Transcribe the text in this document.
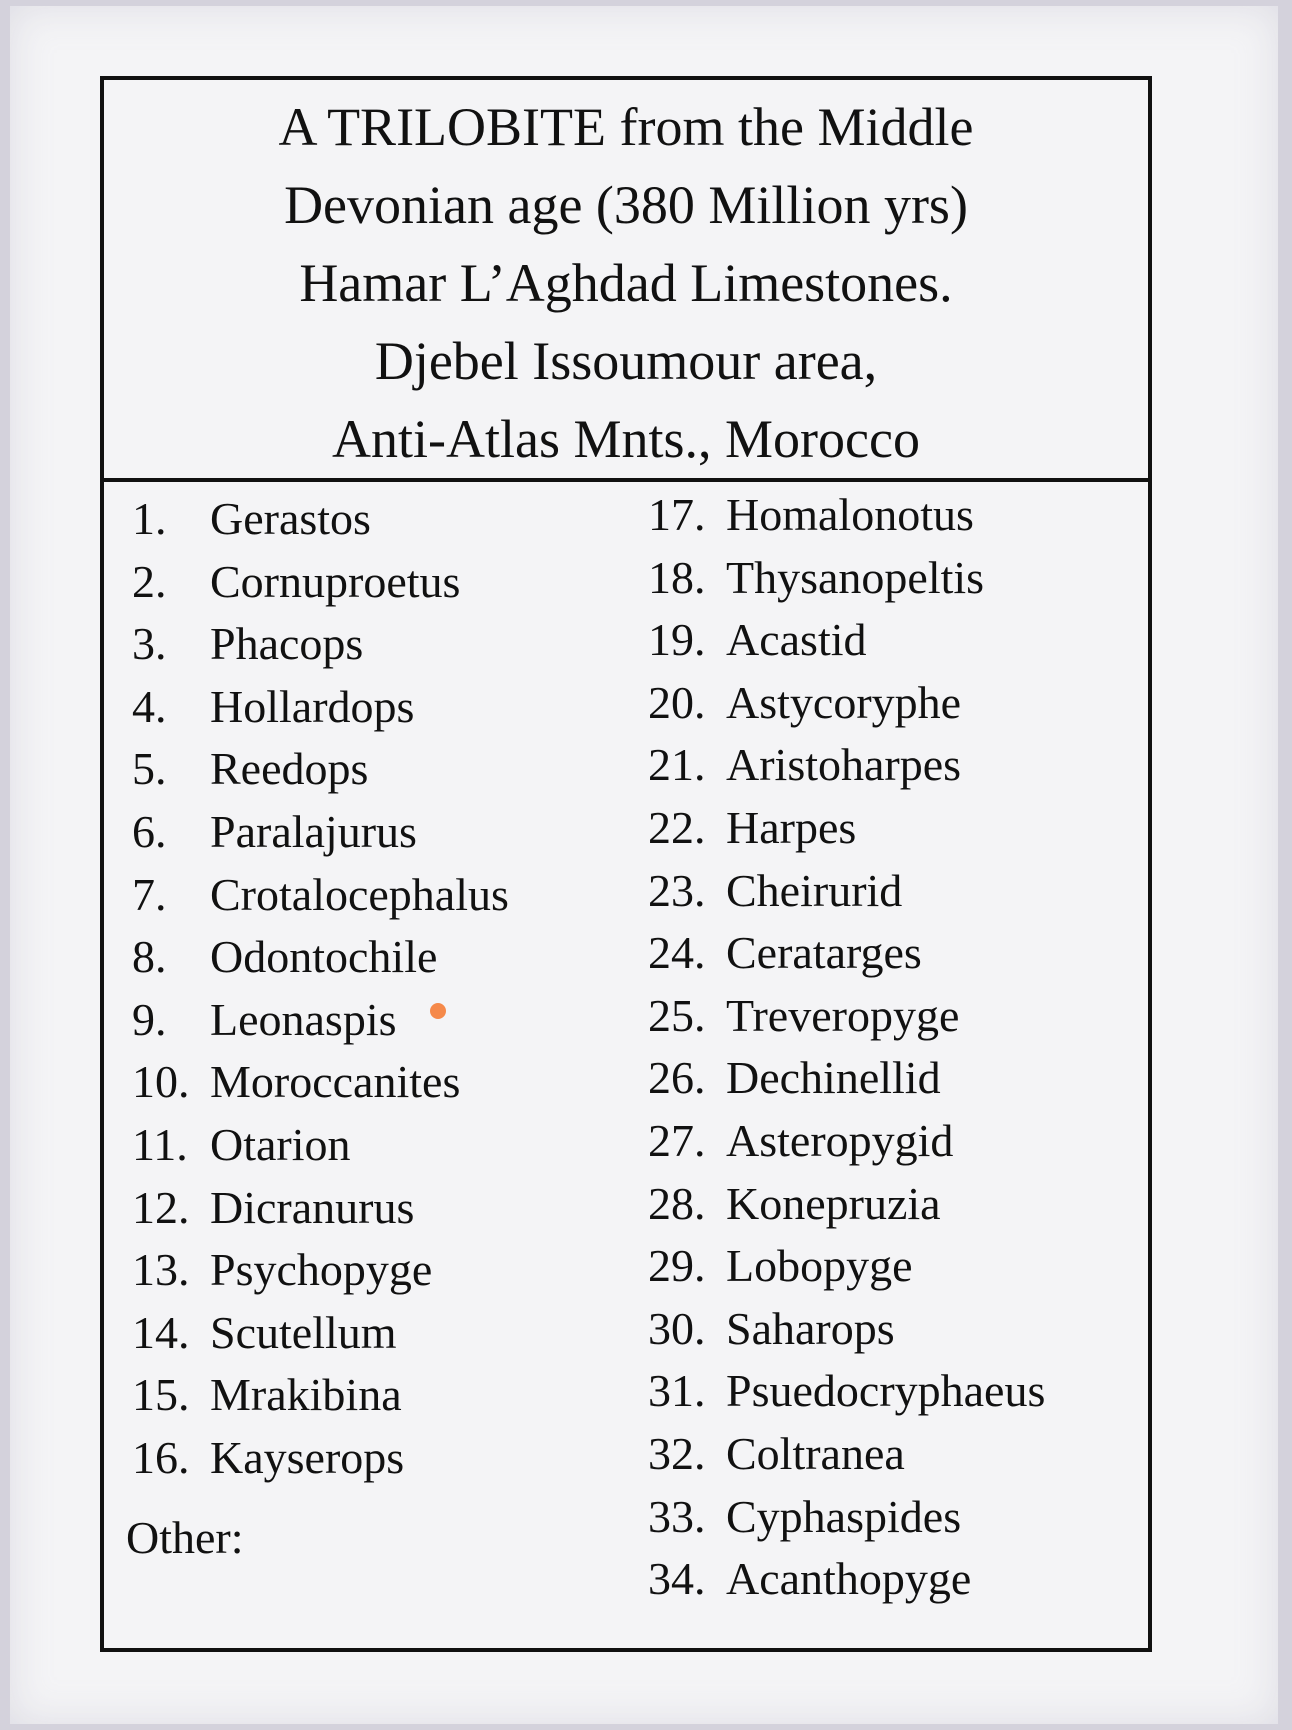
A TRILOBITE from the Middle
Devonian age (380 Million yrs)
Hamar L’Aghdad Limestones.
Djebel Issoumour area,
Anti-Atlas Mnts., Morocco
1. Gerastos
2. Cornuproetus
3. Phacops
4. Hollardops
5. Reedops
6. Paralajurus
7. Crotalocephalus
8. Odontochile
9. Leonaspis
10. Moroccanites
11. Otarion
12. Dicranurus
13. Psychopyge
14. Scutellum
15. Mrakibina
16. Kayserops
Other:
17. Homalonotus
18. Thysanopeltis
19. Acastid
20. Astycoryphe
21. Aristoharpes
22. Harpes
23. Cheirurid
24. Ceratarges
25. Treveropyge
26. Dechinellid
27. Asteropygid
28. Konepruzia
29. Lobopyge
30. Saharops
31. Psuedocryphaeus
32. Coltranea
33. Cyphaspides
34. Acanthopyge
